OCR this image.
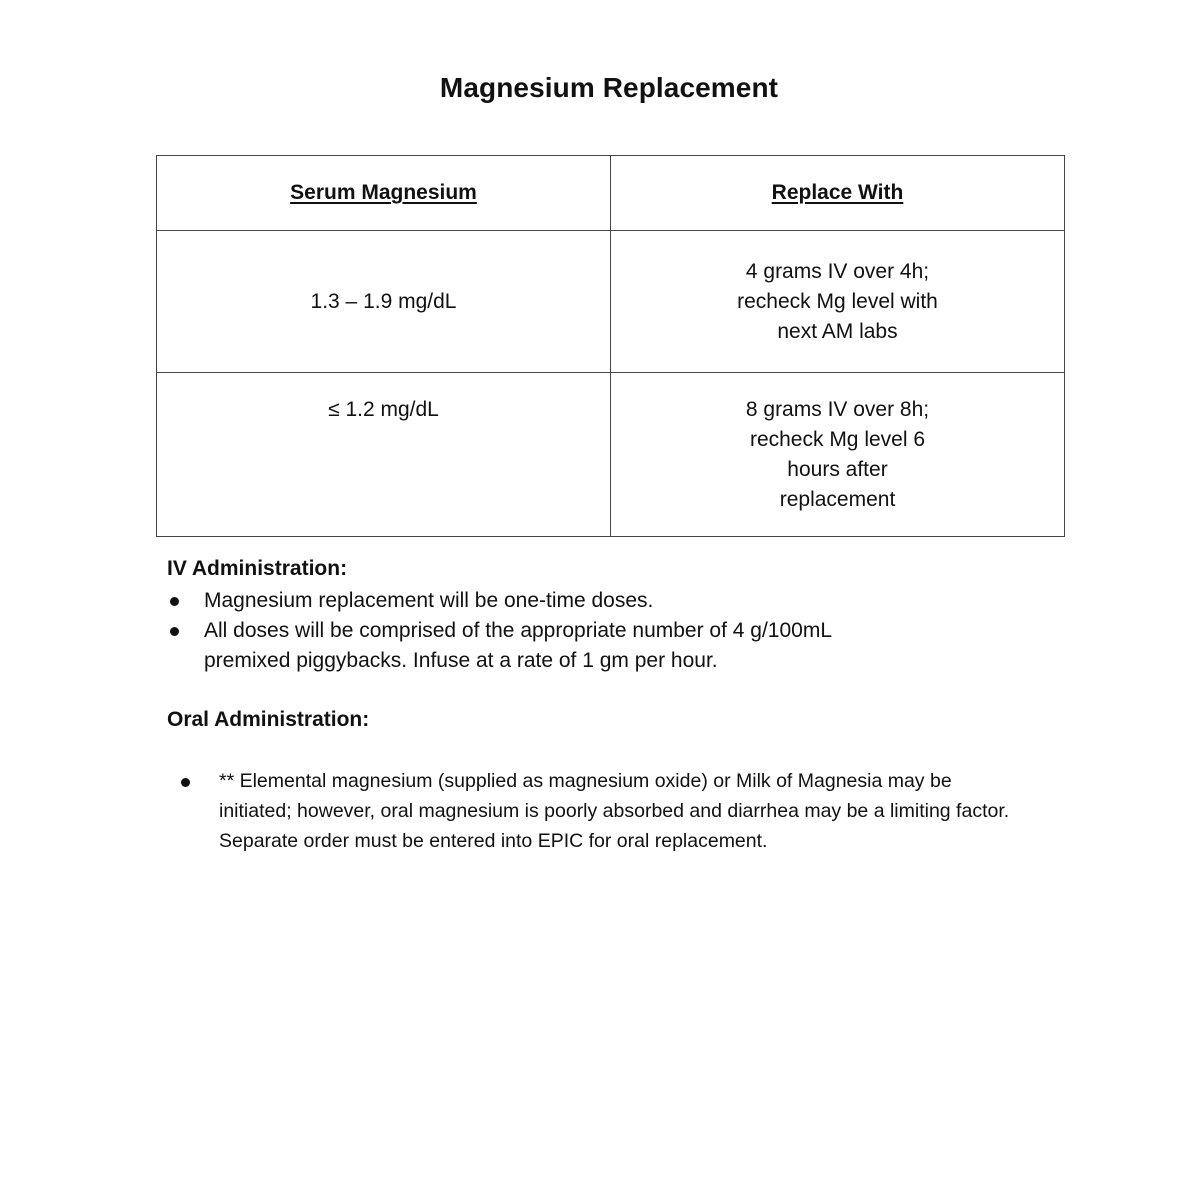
Magnesium Replacement
Serum Magnesium	Replace With
1.3 – 1.9 mg/dL	4 grams IV over 4h; recheck Mg level with next AM labs
≤ 1.2 mg/dL	8 grams IV over 8h; recheck Mg level 6 hours after replacement
IV Administration:
Magnesium replacement will be one-time doses.
All doses will be comprised of the appropriate number of 4 g/100mL premixed piggybacks. Infuse at a rate of 1 gm per hour.
Oral Administration:
** Elemental magnesium (supplied as magnesium oxide) or Milk of Magnesia may be initiated; however, oral magnesium is poorly absorbed and diarrhea may be a limiting factor. Separate order must be entered into EPIC for oral replacement.
